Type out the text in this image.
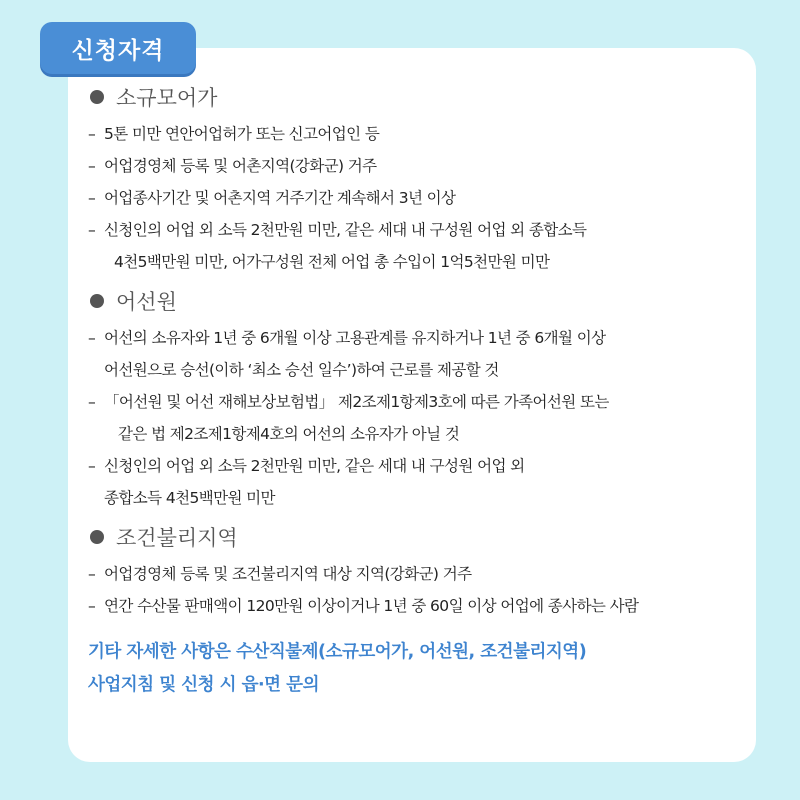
신청자격
소규모어가
– 5톤 미만 연안어업허가 또는 신고어업인 등
– 어업경영체 등록 및 어촌지역(강화군) 거주
– 어업종사기간 및 어촌지역 거주기간 계속해서 3년 이상
– 신청인의 어업 외 소득 2천만원 미만, 같은 세대 내 구성원 어업 외 종합소득
4천5백만원 미만, 어가구성원 전체 어업 총 수입이 1억5천만원 미만
어선원
– 어선의 소유자와 1년 중 6개월 이상 고용관계를 유지하거나 1년 중 6개월 이상
어선원으로 승선(이하 ‘최소 승선 일수’)하여 근로를 제공할 것
– 「어선원 및 어선 재해보상보험법」 제2조제1항제3호에 따른 가족어선원 또는
같은 법 제2조제1항제4호의 어선의 소유자가 아닐 것
– 신청인의 어업 외 소득 2천만원 미만, 같은 세대 내 구성원 어업 외
종합소득 4천5백만원 미만
조건불리지역
– 어업경영체 등록 및 조건불리지역 대상 지역(강화군) 거주
– 연간 수산물 판매액이 120만원 이상이거나 1년 중 60일 이상 어업에 종사하는 사람
기타 자세한 사항은 수산직불제(소규모어가, 어선원, 조건불리지역)
사업지침 및 신청 시 읍·면 문의
